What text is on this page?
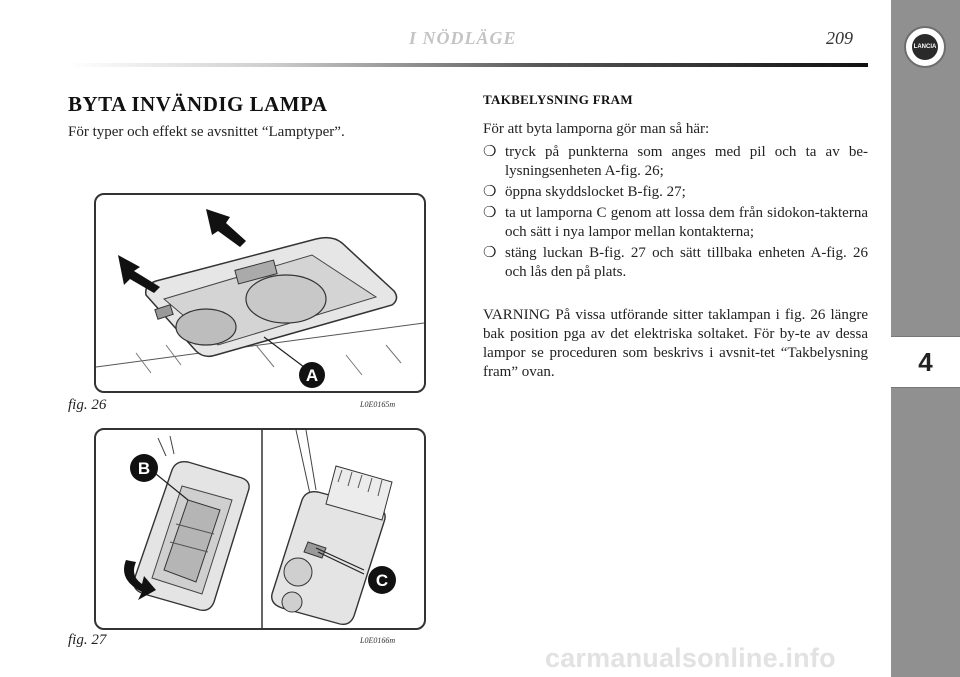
I NÖDLÄGE	209	LANCIA
4
BYTA INVÄNDIG LAMPA

För typer och effekt se avsnittet “Lamptyper”.

A
fig. 26	L0E0165m
B
C
fig. 27	L0E0166m
TAKBELYSNING FRAM

För att byta lamporna gör man så här:

❍ tryck på punkterna som anges med pil och ta av be-lysningsenheten A-fig. 26;
❍ öppna skyddslocket B-fig. 27;
❍ ta ut lamporna C genom att lossa dem från sidokon-takterna och sätt i nya lampor mellan kontakterna;
❍ stäng luckan B-fig. 27 och sätt tillbaka enheten A-fig. 26 och lås den på plats.

VARNING På vissa utförande sitter taklampan i fig. 26 längre bak position pga av det elektriska soltaket. För by-te av dessa lampor se proceduren som beskrivs i avsnit-tet “Takbelysning fram” ovan.

carmanualsonline.info
